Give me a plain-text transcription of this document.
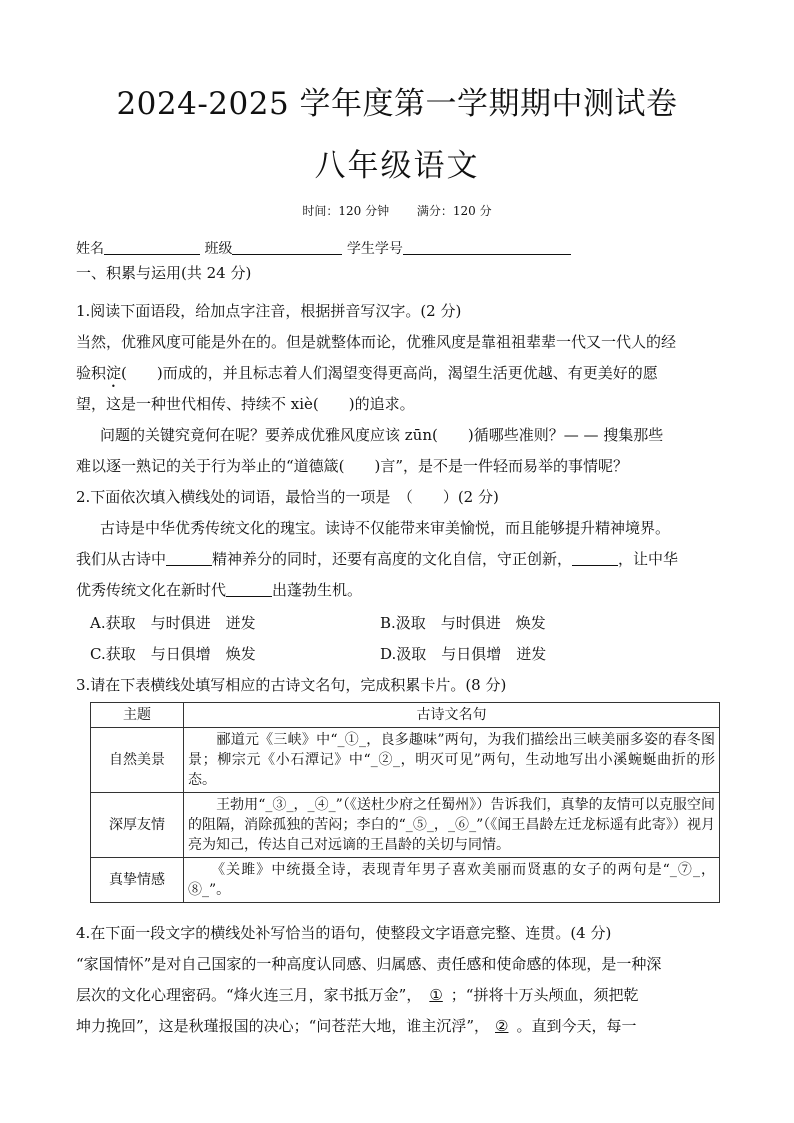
2024-2025 学年度第一学期期中测试卷
八年级语文
时间：120 分钟 满分：120 分
姓名	班级	学生学号
一、积累与运用(共 24 分)
1.阅读下面语段，给加点字注音，根据拼音写汉字。(2 分)
当然，优雅风度可能是外在的。但是就整体而论，优雅风度是靠祖祖辈辈一代又一代人的经
验积淀(　　)而成的，并且标志着人们渴望变得更高尚，渴望生活更优越、有更美好的愿
望，这是一种世代相传、持续不 xiè(　　)的追求。
问题的关键究竟何在呢？要养成优雅风度应该 zūn(　　)循哪些准则？— — 搜集那些
难以逐一熟记的关于行为举止的“道德箴(　　)言”，是不是一件轻而易举的事情呢？
2.下面依次填入横线处的词语，最恰当的一项是　（　　）(2 分)
古诗是中华优秀传统文化的瑰宝。读诗不仅能带来审美愉悦，而且能够提升精神境界。
我们从古诗中	精神养分的同时，还要有高度的文化自信，守正创新，	，让中华
优秀传统文化在新时代	出蓬勃生机。
A.获取　与时俱进　迸发	B.汲取　与时俱进　焕发
C.获取　与日俱增　焕发	D.汲取　与日俱增　迸发
3.请在下表横线处填写相应的古诗文名句，完成积累卡片。(8 分)
主题	古诗文名句
自然美景	　　郦道元《三峡》中“_①_，良多趣味”两句，为我们描绘出三峡美丽多姿的春冬图景；柳宗元《小石潭记》中“_②_，明灭可见”两句，生动地写出小溪蜿蜒曲折的形态。
深厚友情	　　王勃用“_③_，_④_”（《送杜少府之任蜀州》）告诉我们，真挚的友情可以克服空间的阻隔，消除孤独的苦闷；李白的“_⑤_，_⑥_”（《闻王昌龄左迁龙标遥有此寄》）视月亮为知己，传达自己对远谪的王昌龄的关切与同情。
真挚情感	　　《关雎》中统摄全诗，表现青年男子喜欢美丽而贤惠的女子的两句是“_⑦_，⑧_”。
4.在下面一段文字的横线处补写恰当的语句，使整段文字语意完整、连贯。(4 分)
“家国情怀”是对自己国家的一种高度认同感、归属感、责任感和使命感的体现，是一种深
层次的文化心理密码。“烽火连三月，家书抵万金”， ① ；“拼将十万头颅血，须把乾
坤力挽回”，这是秋瑾报国的决心；“问苍茫大地，谁主沉浮”， ② 。直到今天，每一
